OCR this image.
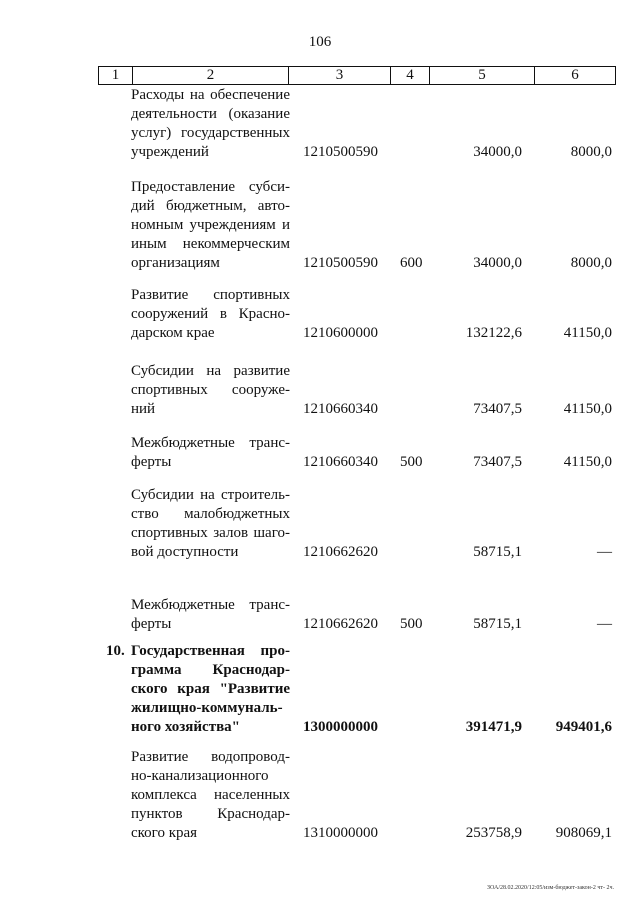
106
1	2	3	4	5	6
Расходы на обеспечение
деятельности (оказание
услуг) государственных
учреждений	1210500590	34000,0	8000,0
Предоставление субси-
дий бюджетным, авто-
номным учреждениям и
иным некоммерческим
организациям	1210500590 600	34000,0	8000,0
Развитие спортивных
сооружений в Красно-
дарском крае	1210600000	132122,6	41150,0
Субсидии на развитие
спортивных сооруже-
ний	1210660340	73407,5	41150,0
Межбюджетные транс-
ферты	1210660340 500	73407,5	41150,0
Субсидии на строитель-
ство малобюджетных
спортивных залов шаго-
вой доступности	1210662620	58715,1	—
Межбюджетные транс-
ферты	1210662620 500	58715,1	—
10. Государственная про-
грамма Краснодар-
ского края "Развитие
жилищно-коммуналь-
ного хозяйства"	1300000000	391471,9 949401,6
Развитие водопровод-
но-канализационного
комплекса населенных
пунктов Краснодар-
ского края	1310000000	253758,9 908069,1
ЗОА/28.02.2020/12:05/изм-бюджет-закон-2 чт- 2ч.
